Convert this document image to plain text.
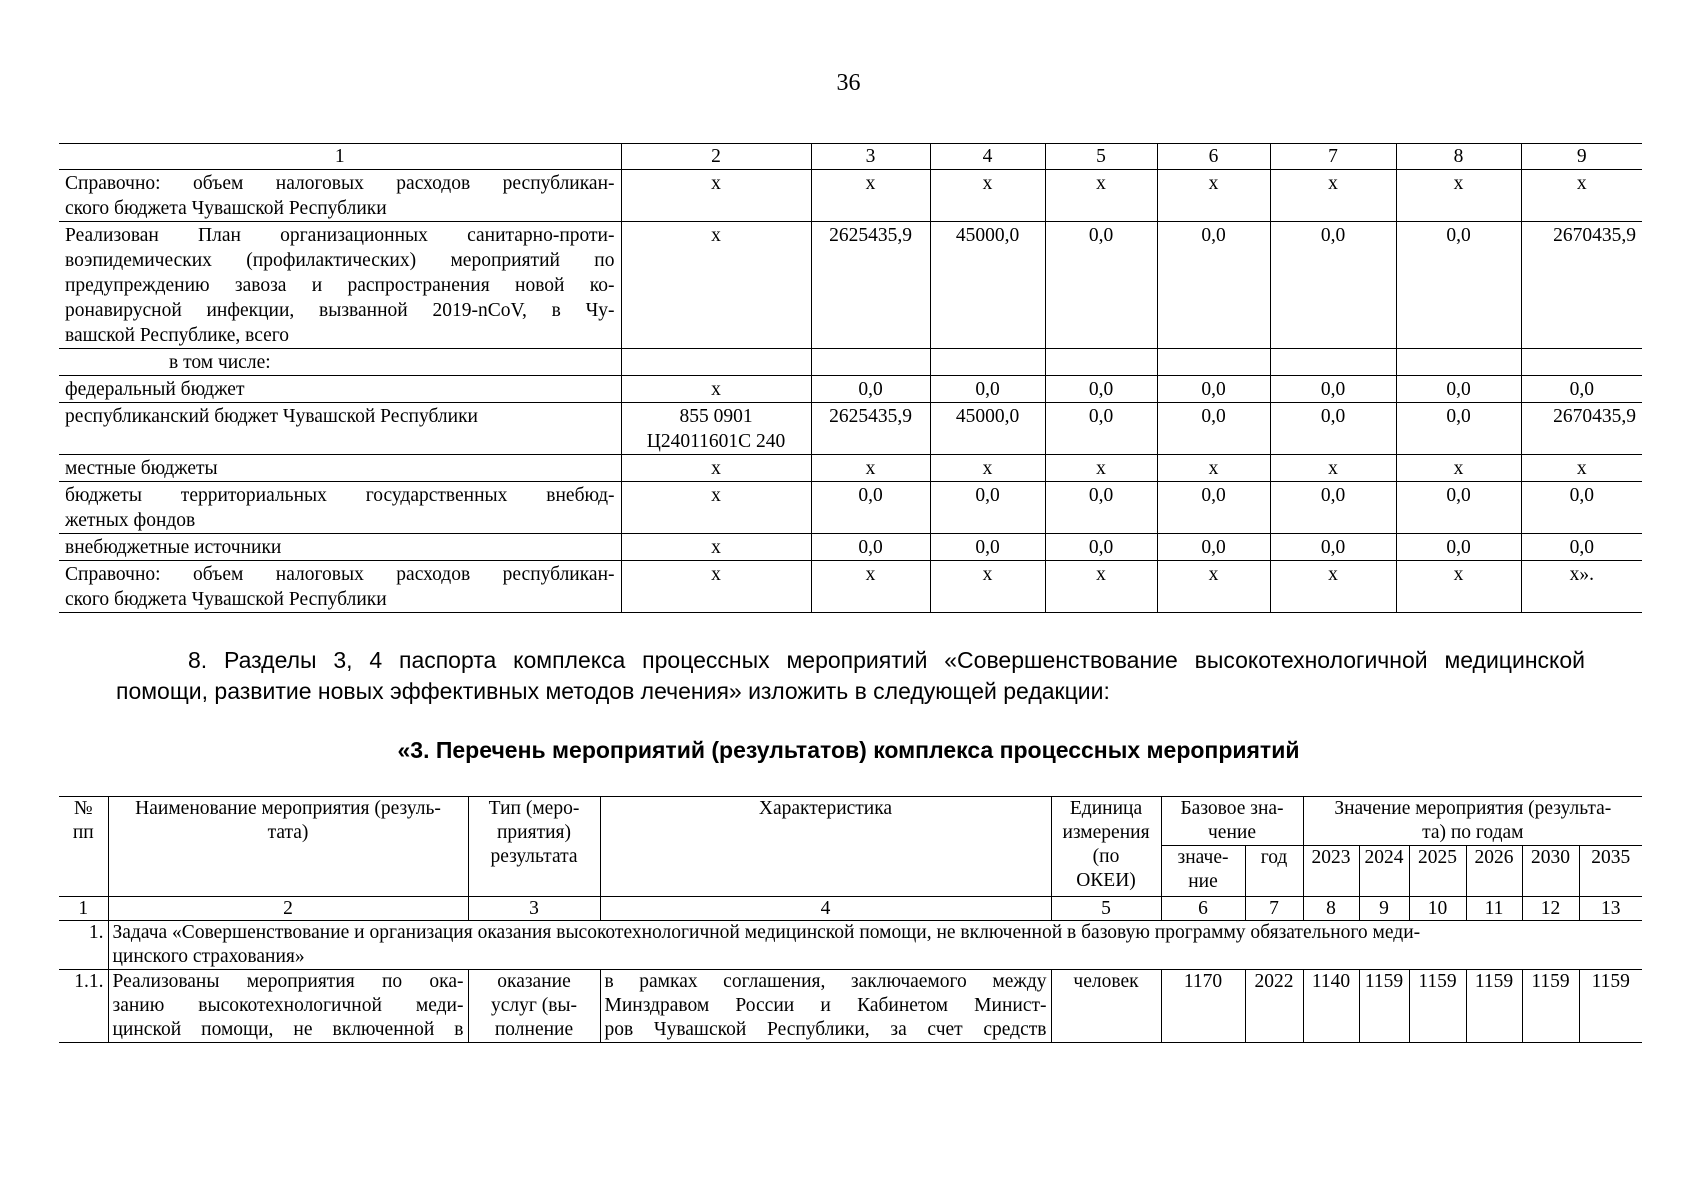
36
1	2	3	4	5	6	7	8	9

Справочно: объем налоговых расходов республикан-
ского бюджета Чувашской Республики	х	х	х	х	х	х	х	х

Реализован План организационных санитарно-проти-
воэпидемических (профилактических) мероприятий по
предупреждению завоза и распространения новой ко-
ронавирусной инфекции, вызванной 2019-nCoV, в Чу-
вашской Республике, всего	х	2625435,9	45000,0	0,0	0,0	0,0	0,0	2670435,9
в том числе:								
федеральный бюджет	х	0,0	0,0	0,0	0,0	0,0	0,0	0,0
республиканский бюджет Чувашской Республики	855 0901
Ц24011601С 240	2625435,9	45000,0	0,0	0,0	0,0	0,0	2670435,9
местные бюджеты	х	х	х	х	х	х	х	х

бюджеты территориальных государственных внебюд-
жетных фондов	х	0,0	0,0	0,0	0,0	0,0	0,0	0,0
внебюджетные источники	х	0,0	0,0	0,0	0,0	0,0	0,0	0,0

Справочно: объем налоговых расходов республикан-
ского бюджета Чувашской Республики	х	х	х	х	х	х	х	х».
8. Разделы 3, 4 паспорта комплекса процессных мероприятий «Совершенствование высокотехнологичной медицинской
помощи, развитие новых эффективных методов лечения» изложить в следующей редакции:
«3. Перечень мероприятий (результатов) комплекса процессных мероприятий
№
пп	Наименование мероприятия (резуль-
тата)	Тип (меро-
приятия)
результата	Характеристика	Единица
измерения
(по
ОКЕИ)	Базовое зна-
чение		Значение мероприятия (результа-
та) по годам					
					значе-
ние	год	2023	2024	2025	2026	2030	2035
1	2	3	4	5	6	7	8	9	10	11	12	13
1.	Задача «Совершенствование и организация оказания высокотехнологичной медицинской помощи, не включенной в базовую программу обязательного меди-
цинского страхования»											
1.1.	Реализованы мероприятия по ока-
занию высокотехнологичной меди-
цинской помощи, не включенной в	оказание
услуг (вы-
полнение	в рамках соглашения, заключаемого между
Минздравом России и Кабинетом Минист-
ров Чувашской Республики, за счет средств	человек	1170	2022	1140	1159	1159	1159	1159	1159
